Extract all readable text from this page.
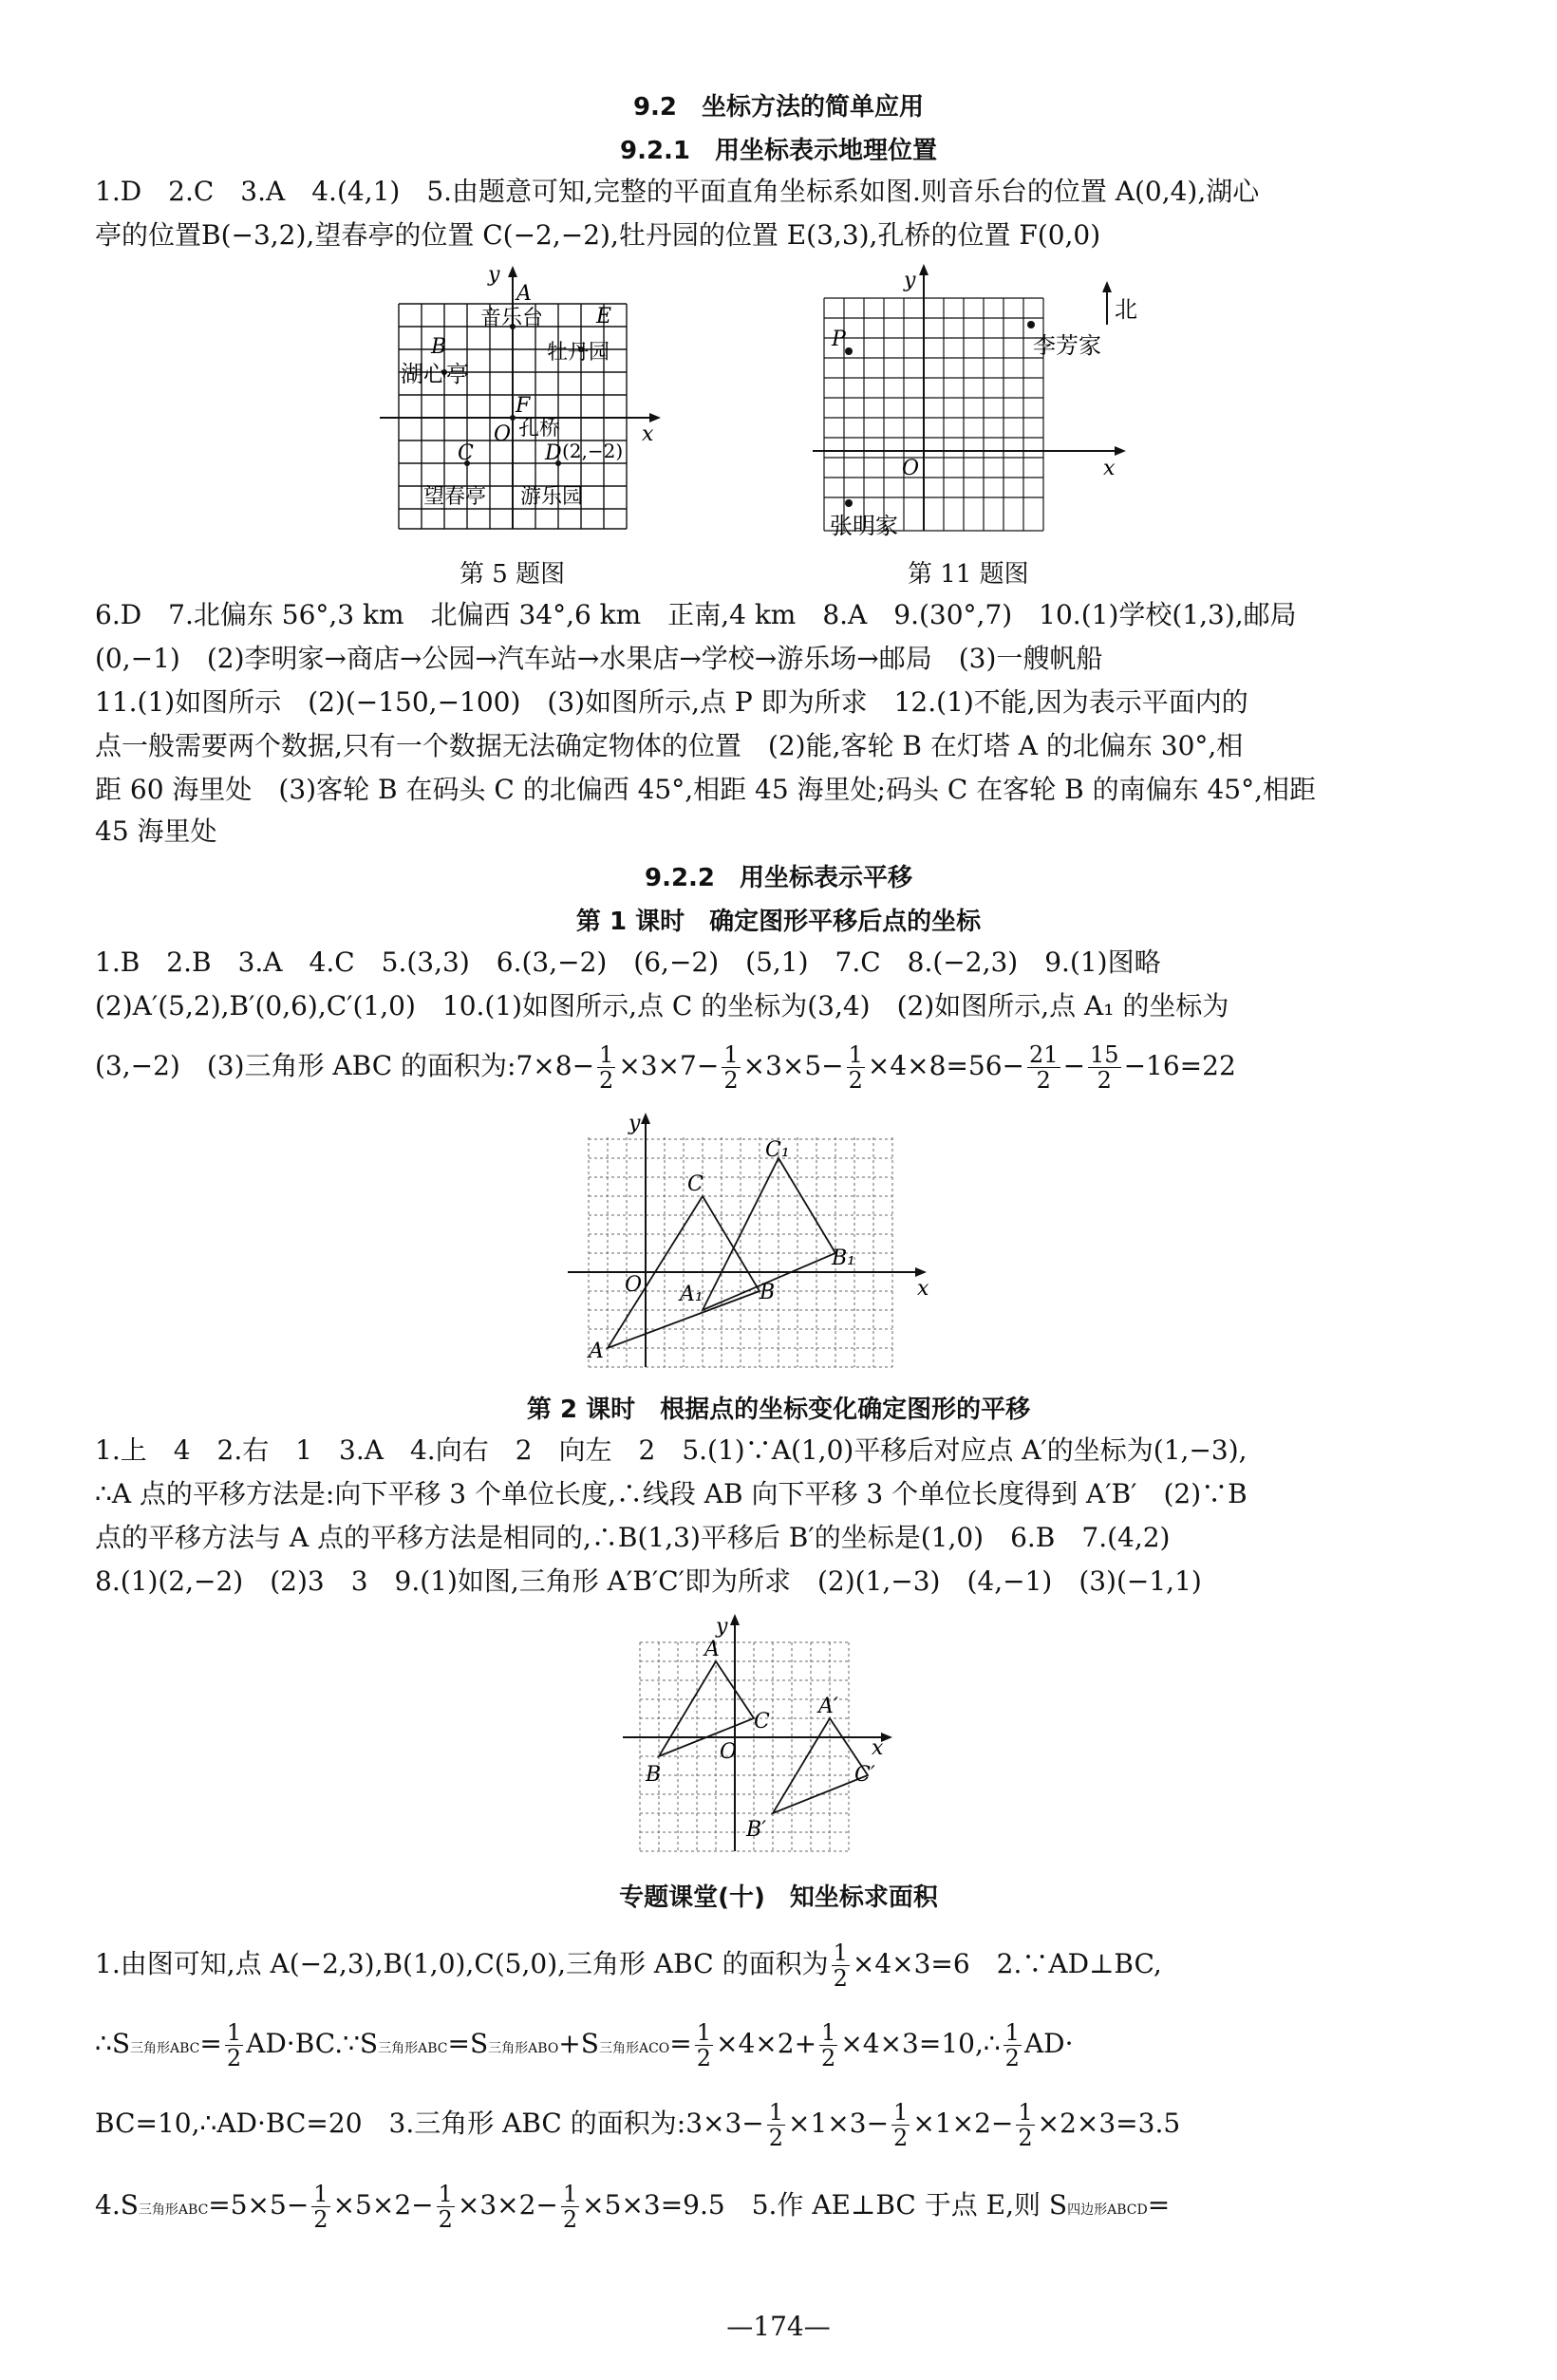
9.2　坐标方法的简单应用
9.2.1　用坐标表示地理位置
1.D　2.C　3.A　4.(4,1)　5.由题意可知,完整的平面直角坐标系如图.则音乐台的位置 A(0,4),湖心
亭的位置B(−3,2),望春亭的位置 C(−2,−2),牡丹园的位置 E(3,3),孔桥的位置 F(0,0)
y
x
O
A
音乐台	E
牡丹园
B
湖心亭
F
孔桥
C	D (2,−2)
望春亭 游乐园
第 5 题图
y
x
O
北
P	李芳家
张明家
第 11 题图
6.D　7.北偏东 56°,3 km　北偏西 34°,6 km　正南,4 km　8.A　9.(30°,7)　10.(1)学校(1,3),邮局
(0,−1)　(2)李明家→商店→公园→汽车站→水果店→学校→游乐场→邮局　(3)一艘帆船
11.(1)如图所示　(2)(−150,−100)　(3)如图所示,点 P 即为所求　12.(1)不能,因为表示平面内的
点一般需要两个数据,只有一个数据无法确定物体的位置　(2)能,客轮 B 在灯塔 A 的北偏东 30°,相
距 60 海里处　(3)客轮 B 在码头 C 的北偏西 45°,相距 45 海里处;码头 C 在客轮 B 的南偏东 45°,相距
45 海里处
9.2.2　用坐标表示平移
第 1 课时　确定图形平移后点的坐标
1.B　2.B　3.A　4.C　5.(3,3)　6.(3,−2)　(6,−2)　(5,1)　7.C　8.(−2,3)　9.(1)图略
(2)A′(5,2),B′(0,6),C′(1,0)　10.(1)如图所示,点 C 的坐标为(3,4)　(2)如图所示,点 A₁ 的坐标为
(3,−2)　(3)三角形 ABC 的面积为:7×8− $\frac{1}{2} \times 3\times 7- \frac{1}{2} \times 3\times 5- \frac{1}{2} \times 4\times 8=56- \frac{21}{2} - \frac{15}{2} -16=22$
y
x
O
C
C₁
B₁
B
A₁
A
第 2 课时　根据点的坐标变化确定图形的平移
1.上　4　2.右　1　3.A　4.向右　2　向左　2　5.(1)∵A(1,0)平移后对应点 A′的坐标为(1,−3),
∴A 点的平移方法是:向下平移 3 个单位长度,∴线段 AB 向下平移 3 个单位长度得到 A′B′　(2)∵B
点的平移方法与 A 点的平移方法是相同的,∴B(1,3)平移后 B′的坐标是(1,0)　6.B　7.(4,2)
8.(1)(2,−2)　(2)3　3　9.(1)如图,三角形 A′B′C′即为所求　(2)(1,−3)　(4,−1)　(3)(−1,1)
y
x
O
A
C
B
A′
C′
B′
专题课堂(十)　知坐标求面积
1.由图可知,点 A(−2,3),B(1,0),C(5,0),三角形 ABC 的面积为 $\frac{1}{2} \times 4\times 3=6$　2.∵AD⊥BC,
∴S三角形$ABC= \frac{1}{2}$ AD·BC.∵S三角形ABC=S三角形ABO+S三角形$ACO= \frac{1}{2} \times 4\times 2+ \frac{1}{2}$ ×4×3=10,∴ $\frac{1}{2} AD\cdot$
BC=10,∴AD·BC=20　3.三角形 ABC 的面积为:3×3− $\frac{1}{2} \times 1\times 3- \frac{1}{2} \times 1\times 2- \frac{1}{2} \times 2\times 3=3.5$
4.S三角形$ABC=5\times 5- \frac{1}{2} \times 5\times 2- \frac{1}{2} \times 3\times 2- \frac{1}{2} \times 5\times 3=9.5$　5.作 AE⊥BC 于点 E,则 S四边形ABCD=
—174—
